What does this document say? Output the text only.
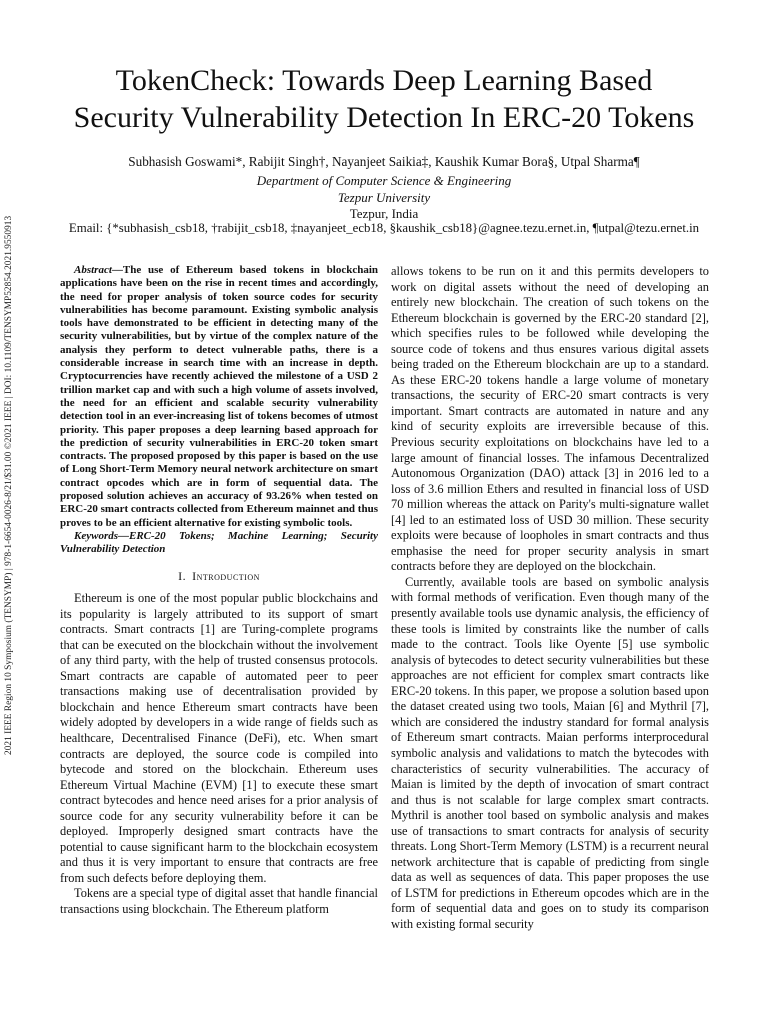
2021 IEEE Region 10 Symposium (TENSYMP) | 978-1-6654-0026-8/21/$31.00 ©2021 IEEE | DOI: 10.1109/TENSYMP52854.2021.9550913
TokenCheck: Towards Deep Learning Based
Security Vulnerability Detection In ERC-20 Tokens
Subhasish Goswami*, Rabijit Singh†, Nayanjeet Saikia‡, Kaushik Kumar Bora§, Utpal Sharma¶
Department of Computer Science & Engineering
Tezpur University
Tezpur, India
Email: {*subhasish_csb18, †rabijit_csb18, ‡nayanjeet_ecb18, §kaushik_csb18}@agnee.tezu.ernet.in, ¶utpal@tezu.ernet.in

Abstract—The use of Ethereum based tokens in blockchain applications have been on the rise in recent times and accordingly, the need for proper analysis of token source codes for security vulnerabilities has become paramount. Existing symbolic analysis tools have demonstrated to be efficient in detecting many of the security vulnerabilities, but by virtue of the complex nature of the analysis they perform to detect vulnerable paths, there is a considerable increase in search time with an increase in depth. Cryptocurrencies have recently achieved the milestone of a USD 2 trillion market cap and with such a high volume of assets involved, the need for an efficient and scalable security vulnerability detection tool in an ever-increasing list of tokens becomes of utmost priority. This paper proposes a deep learning based approach for the prediction of security vulnerabilities in ERC-20 token smart contracts. The proposed proposed by this paper is based on the use of Long Short-Term Memory neural network architecture on smart contract opcodes which are in form of sequential data. The proposed solution achieves an accuracy of 93.26% when tested on ERC-20 smart contracts collected from Ethereum mainnet and thus proves to be an efficient alternative for existing symbolic tools.

Keywords—ERC-20 Tokens; Machine Learning; Security Vulnerability Detection

I. Introduction

Ethereum is one of the most popular public blockchains and its popularity is largely attributed to its support of smart contracts. Smart contracts [1] are Turing-complete programs that can be executed on the blockchain without the involvement of any third party, with the help of trusted consensus protocols. Smart contracts are capable of automated peer to peer transactions making use of decentralisation provided by blockchain and hence Ethereum smart contracts have been widely adopted by developers in a wide range of fields such as healthcare, Decentralised Finance (DeFi), etc. When smart contracts are deployed, the source code is compiled into bytecode and stored on the blockchain. Ethereum uses Ethereum Virtual Machine (EVM) [1] to execute these smart contract bytecodes and hence need arises for a prior analysis of source code for any security vulnerability before it can be deployed. Improperly designed smart contracts have the potential to cause significant harm to the blockchain ecosystem and thus it is very important to ensure that contracts are free from such defects before deploying them.

Tokens are a special type of digital asset that handle financial transactions using blockchain. The Ethereum platform

allows tokens to be run on it and this permits developers to work on digital assets without the need of developing an entirely new blockchain. The creation of such tokens on the Ethereum blockchain is governed by the ERC-20 standard [2], which specifies rules to be followed while developing the source code of tokens and thus ensures various digital assets being traded on the Ethereum blockchain are up to a standard. As these ERC-20 tokens handle a large volume of monetary transactions, the security of ERC-20 smart contracts is very important. Smart contracts are automated in nature and any kind of security exploits are irreversible because of this. Previous security exploitations on blockchains have led to a large amount of financial losses. The infamous Decentralized Autonomous Organization (DAO) attack [3] in 2016 led to a loss of 3.6 million Ethers and resulted in financial loss of USD 70 million whereas the attack on Parity's multi-signature wallet [4] led to an estimated loss of USD 30 million. These security exploits were because of loopholes in smart contracts and thus emphasise the need for proper security analysis in smart contracts before they are deployed on the blockchain.

Currently, available tools are based on symbolic analysis with formal methods of verification. Even though many of the presently available tools use dynamic analysis, the efficiency of these tools is limited by constraints like the number of calls made to the contract. Tools like Oyente [5] use symbolic analysis of bytecodes to detect security vulnerabilities but these approaches are not efficient for complex smart contracts like ERC-20 tokens. In this paper, we propose a solution based upon the dataset created using two tools, Maian [6] and Mythril [7], which are considered the industry standard for formal analysis of Ethereum smart contracts. Maian performs interprocedural symbolic analysis and validations to match the bytecodes with characteristics of security vulnerabilities. The accuracy of Maian is limited by the depth of invocation of smart contract and thus is not scalable for large complex smart contracts. Mythril is another tool based on symbolic analysis and makes use of transactions to smart contracts for analysis of security threats. Long Short-Term Memory (LSTM) is a recurrent neural network architecture that is capable of predicting from single data as well as sequences of data. This paper proposes the use of LSTM for predictions in Ethereum opcodes which are in the form of sequential data and goes on to study its comparison with existing formal security
